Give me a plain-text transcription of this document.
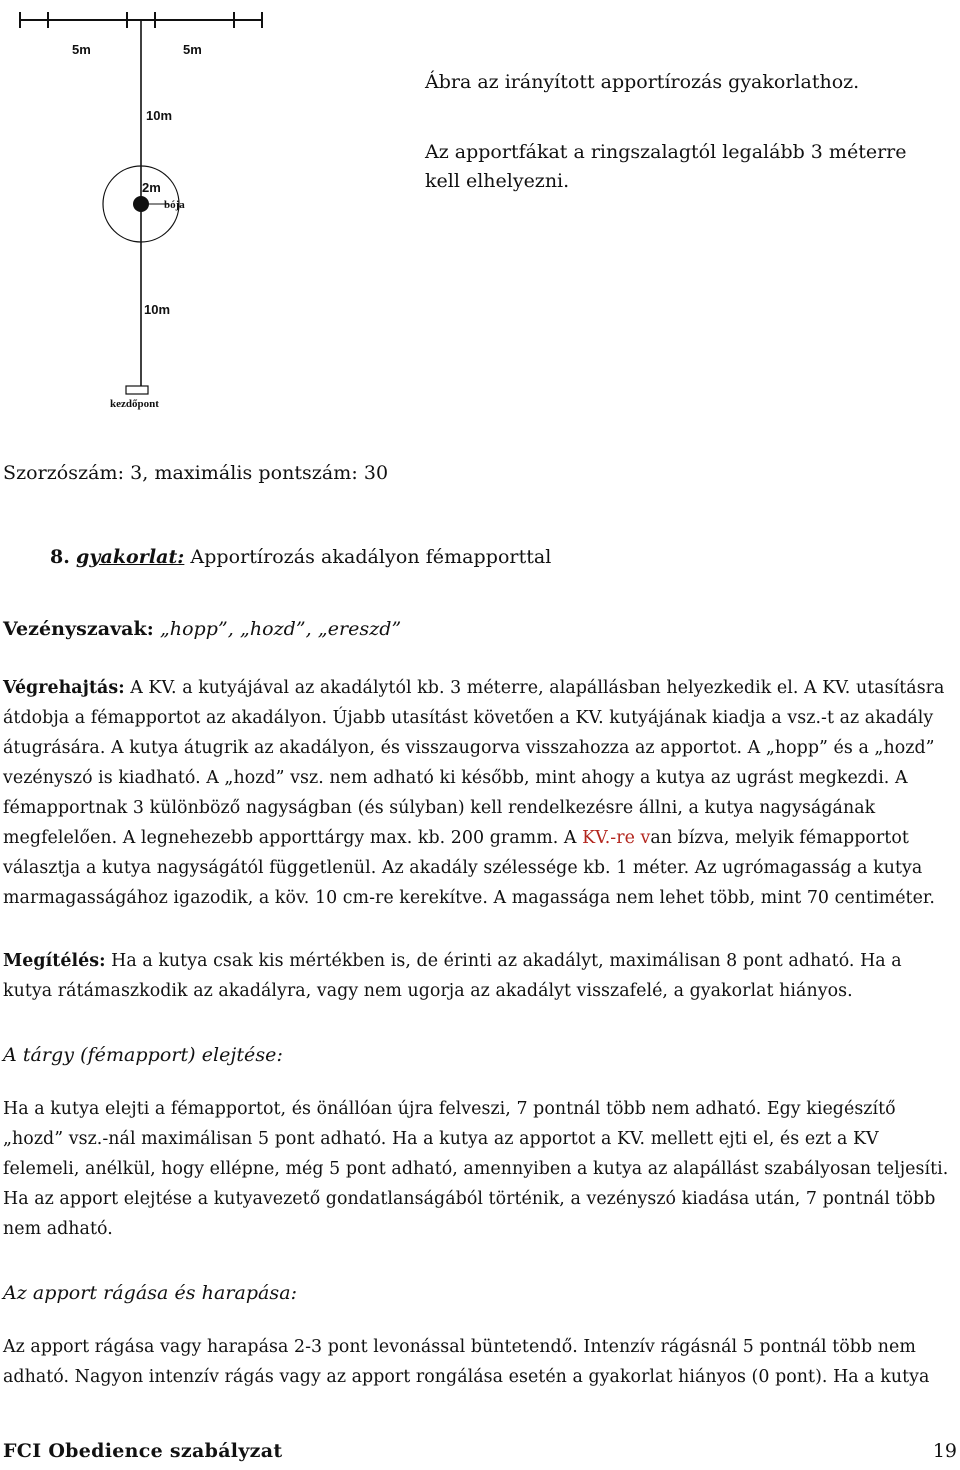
5m	5m
10m
2m
bója
10m
kezdőpont

Ábra az irányított apportírozás gyakorlathoz.

Az apportfákat a ringszalagtól legalább 3 méterre kell elhelyezni.

Szorzószám: 3, maximális pontszám: 30

8. gyakorlat: Apportírozás akadályon fémapporttal

Vezényszavak: „hopp”, „hozd”, „ereszd”

Végrehajtás: A KV. a kutyájával az akadálytól kb. 3 méterre, alapállásban helyezkedik el. A KV. utasításra átdobja a fémapportot az akadályon. Újabb utasítást követően a KV. kutyájának kiadja a vsz.-t az akadály átugrására. A kutya átugrik az akadályon, és visszaugorva visszahozza az apportot. A „hopp” és a „hozd” vezényszó is kiadható. A „hozd” vsz. nem adható ki később, mint ahogy a kutya az ugrást megkezdi. A fémapportnak 3 különböző nagyságban (és súlyban) kell rendelkezésre állni, a kutya nagyságának megfelelően. A legnehezebb apporttárgy max. kb. 200 gramm. A KV.-re van bízva, melyik fémapportot választja a kutya nagyságától függetlenül. Az akadály szélessége kb. 1 méter. Az ugrómagasság a kutya marmagasságához igazodik, a köv. 10 cm-re kerekítve. A magassága nem lehet több, mint 70 centiméter.

Megítélés: Ha a kutya csak kis mértékben is, de érinti az akadályt, maximálisan 8 pont adható. Ha a kutya rátámaszkodik az akadályra, vagy nem ugorja az akadályt visszafelé, a gyakorlat hiányos.

A tárgy (fémapport) elejtése:

Ha a kutya elejti a fémapportot, és önállóan újra felveszi, 7 pontnál több nem adható. Egy kiegészítő „hozd” vsz.-nál maximálisan 5 pont adható. Ha a kutya az apportot a KV. mellett ejti el, és ezt a KV felemeli, anélkül, hogy ellépne, még 5 pont adható, amennyiben a kutya az alapállást szabályosan teljesíti. Ha az apport elejtése a kutyavezető gondatlanságából történik, a vezényszó kiadása után, 7 pontnál több nem adható.

Az apport rágása és harapása:

Az apport rágása vagy harapása 2-3 pont levonással büntetendő. Intenzív rágásnál 5 pontnál több nem adható. Nagyon intenzív rágás vagy az apport rongálása esetén a gyakorlat hiányos (0 pont). Ha a kutya

FCI Obedience szabályzat	19
